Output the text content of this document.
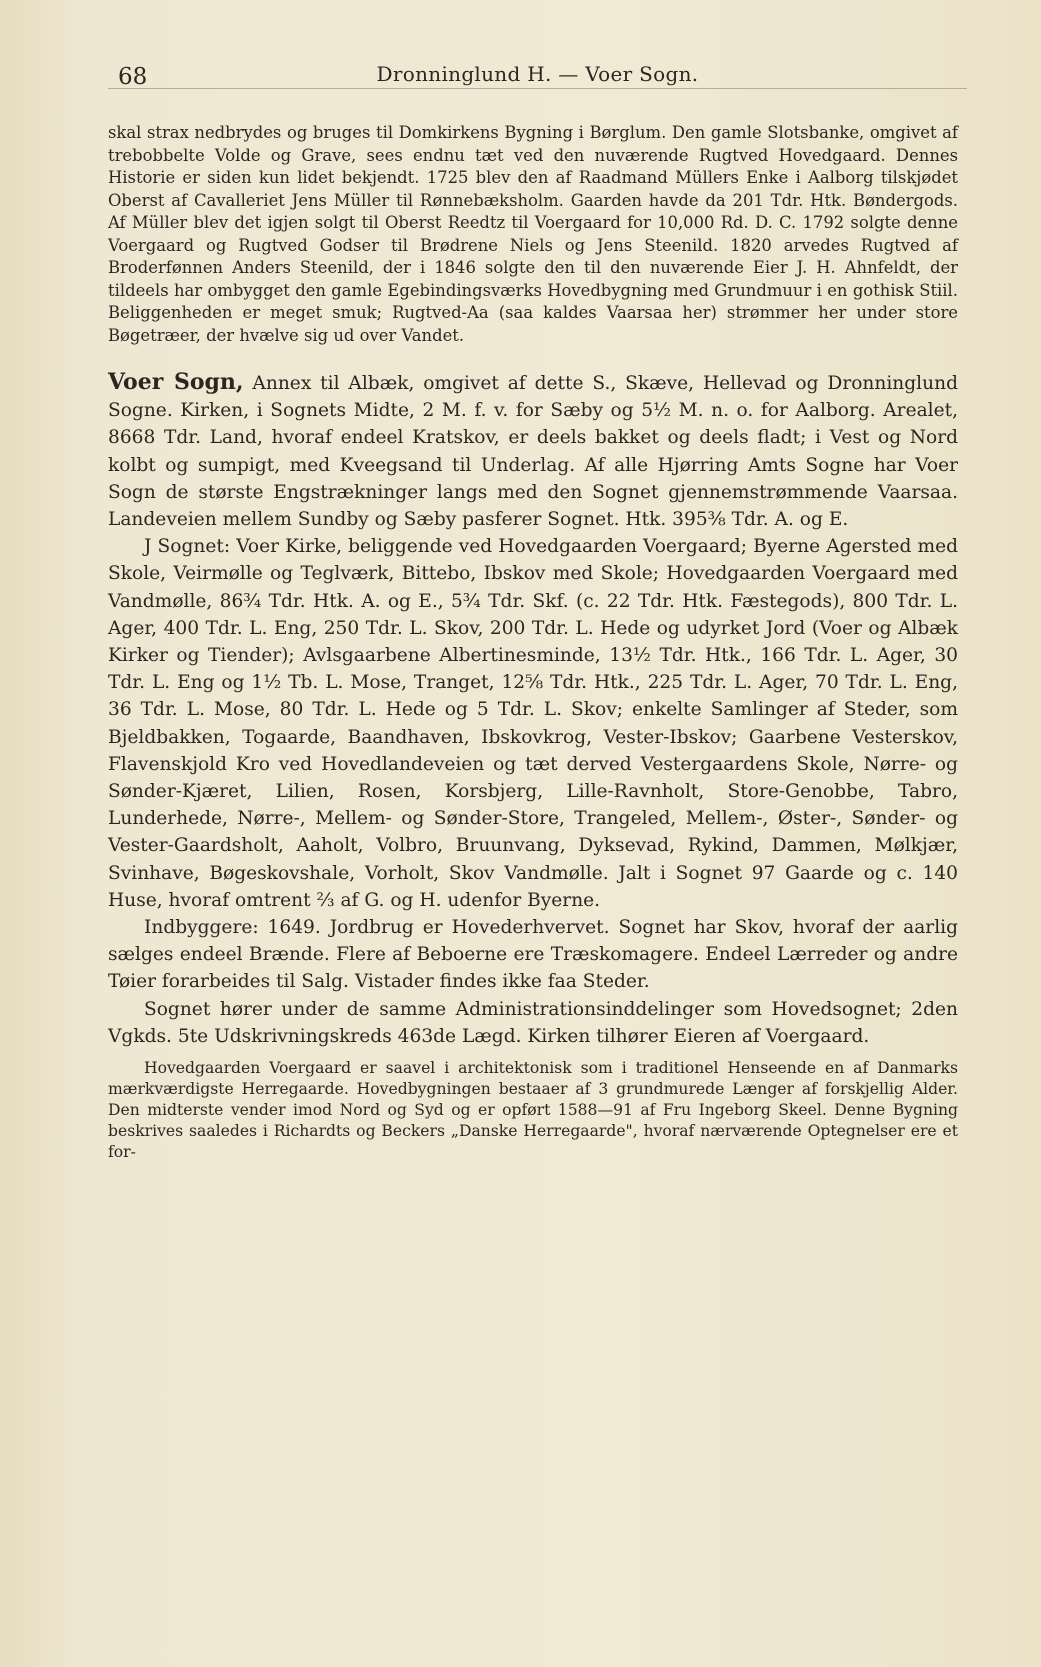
68	Dronninglund H. — Voer Sogn.

skal strax nedbrydes og bruges til Domkirkens Bygning i Børglum. Den gamle Slotsbanke, omgivet af trebobbelte Volde og Grave, sees endnu tæt ved den nuværende Rugtved Hovedgaard. Dennes Historie er siden kun lidet bekjendt. 1725 blev den af Raadmand Müllers Enke i Aalborg tilskjødet Oberst af Cavalleriet Jens Müller til Rønnebæksholm. Gaarden havde da 201 Tdr. Htk. Bøndergods. Af Müller blev det igjen solgt til Oberst Reedtz til Voergaard for 10,000 Rd. D. C. 1792 solgte denne Voergaard og Rugtved Godser til Brødrene Niels og Jens Steenild. 1820 arvedes Rugtved af Broderfønnen Anders Steenild, der i 1846 solgte den til den nuværende Eier J. H. Ahnfeldt, der tildeels har ombygget den gamle Egebindingsværks Hovedbygning med Grundmuur i en gothisk Stiil. Beliggenheden er meget smuk; Rugtved-Aa (saa kaldes Vaarsaa her) strømmer her under store Bøgetræer, der hvælve sig ud over Vandet.

Voer Sogn, Annex til Albæk, omgivet af dette S., Skæve, Hellevad og Dronninglund Sogne. Kirken, i Sognets Midte, 2 M. f. v. for Sæby og 5½ M. n. o. for Aalborg. Arealet, 8668 Tdr. Land, hvoraf endeel Kratskov, er deels bakket og deels fladt; i Vest og Nord kolbt og sumpigt, med Kveegsand til Underlag. Af alle Hjørring Amts Sogne har Voer Sogn de største Engstrækninger langs med den Sognet gjennemstrømmende Vaarsaa. Landeveien mellem Sundby og Sæby pasferer Sognet. Htk. 395⅜ Tdr. A. og E.

J Sognet: Voer Kirke, beliggende ved Hovedgaarden Voergaard; Byerne Agersted med Skole, Veirmølle og Teglværk, Bittebo, Ibskov med Skole; Hovedgaarden Voergaard med Vandmølle, 86¾ Tdr. Htk. A. og E., 5¾ Tdr. Skf. (c. 22 Tdr. Htk. Fæstegods), 800 Tdr. L. Ager, 400 Tdr. L. Eng, 250 Tdr. L. Skov, 200 Tdr. L. Hede og udyrket Jord (Voer og Albæk Kirker og Tiender); Avlsgaarbene Albertinesminde, 13½ Tdr. Htk., 166 Tdr. L. Ager, 30 Tdr. L. Eng og 1½ Tb. L. Mose, Tranget, 12⅝ Tdr. Htk., 225 Tdr. L. Ager, 70 Tdr. L. Eng, 36 Tdr. L. Mose, 80 Tdr. L. Hede og 5 Tdr. L. Skov; enkelte Samlinger af Steder, som Bjeldbakken, Togaarde, Baandhaven, Ibskovkrog, Vester-Ibskov; Gaarbene Vesterskov, Flavenskjold Kro ved Hovedlandeveien og tæt derved Vestergaardens Skole, Nørre- og Sønder-Kjæret, Lilien, Rosen, Korsbjerg, Lille-Ravnholt, Store-Genobbe, Tabro, Lunderhede, Nørre-, Mellem- og Sønder-Store, Trangeled, Mellem-, Øster-, Sønder- og Vester-Gaardsholt, Aaholt, Volbro, Bruunvang, Dyksevad, Rykind, Dammen, Mølkjær, Svinhave, Bøgeskovshale, Vorholt, Skov Vandmølle. Jalt i Sognet 97 Gaarde og c. 140 Huse, hvoraf omtrent ⅔ af G. og H. udenfor Byerne.

Indbyggere: 1649. Jordbrug er Hovederhvervet. Sognet har Skov, hvoraf der aarlig sælges endeel Brænde. Flere af Beboerne ere Træskomagere. Endeel Lærreder og andre Tøier forarbeides til Salg. Vistader findes ikke faa Steder.

Sognet hører under de samme Administrationsinddelinger som Hovedsognet; 2den Vgkds. 5te Udskrivningskreds 463de Lægd. Kirken tilhører Eieren af Voergaard.

Hovedgaarden Voergaard er saavel i architektonisk som i traditionel Henseende en af Danmarks mærkværdigste Herregaarde. Hovedbygningen bestaaer af 3 grundmurede Længer af forskjellig Alder. Den midterste vender imod Nord og Syd og er opført 1588—91 af Fru Ingeborg Skeel. Denne Bygning beskrives saaledes i Richardts og Beckers „Danske Herregaarde", hvoraf nærværende Optegnelser ere et for-
